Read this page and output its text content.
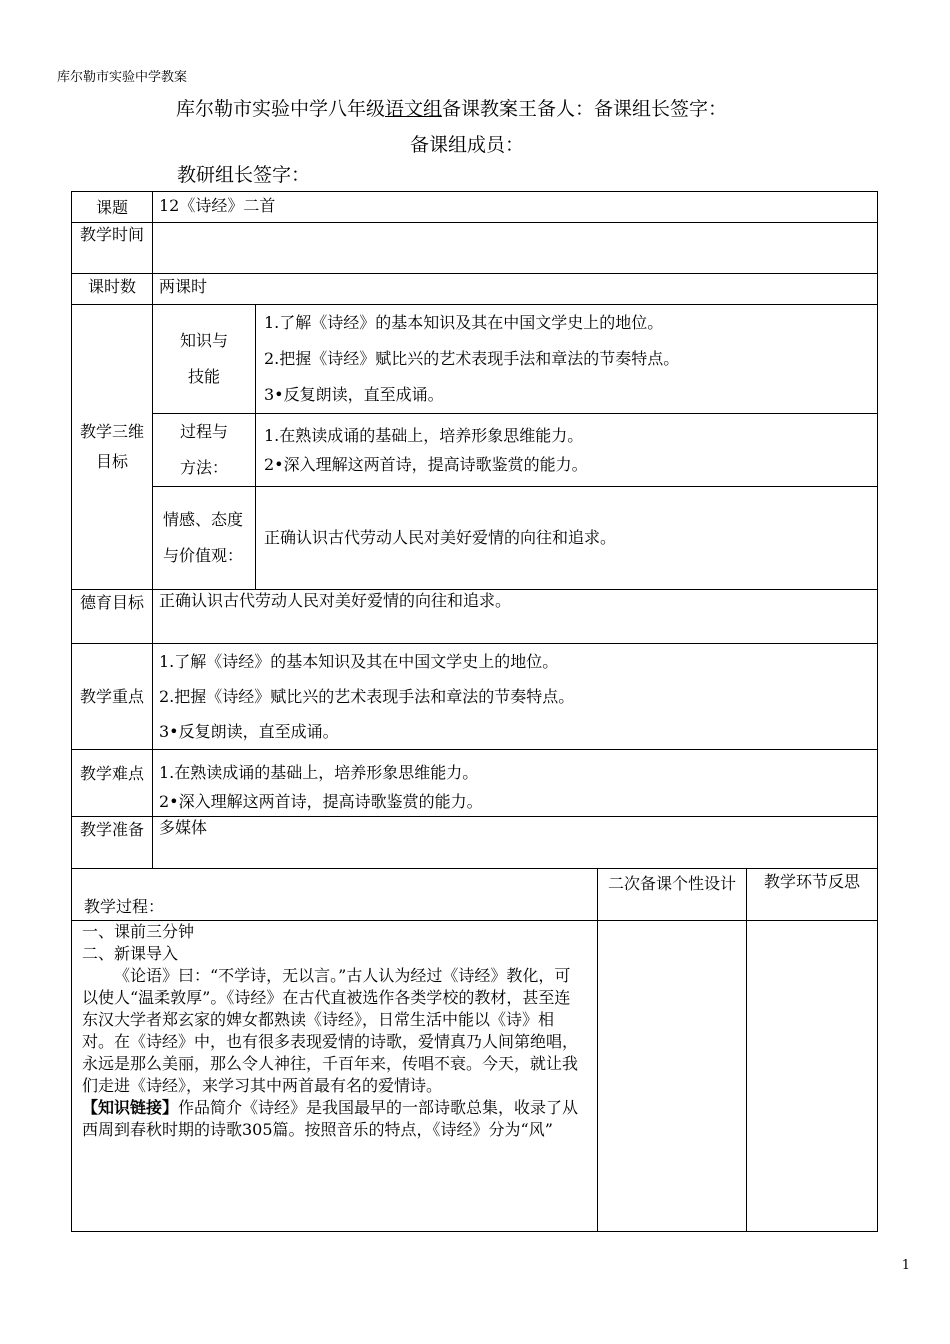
库尔勒市实验中学教案
库尔勒市实验中学八年级语文组备课教案王备人：备课组长签字：
备课组成员：
教研组长签字：
课题	12《诗经》二首			
教学时间				
课时数	两课时			
教学三维目标	知识与技能	1.了解《诗经》的基本知识及其在中国文学史上的地位。
2.把握《诗经》赋比兴的艺术表现手法和章法的节奏特点。
3•反复朗读，直至成诵。		

	过程与方法：	1.在熟读成诵的基础上，培养形象思维能力。
2•深入理解这两首诗，提高诗歌鉴赏的能力。		

	情感、态度与价值观：	正确认识古代劳动人民对美好爱情的向往和追求。		
德育目标	正确认识古代劳动人民对美好爱情的向往和追求。			
教学重点	1.了解《诗经》的基本知识及其在中国文学史上的地位。
2.把握《诗经》赋比兴的艺术表现手法和章法的节奏特点。
3•反复朗读，直至成诵。			

教学难点	1.在熟读成诵的基础上，培养形象思维能力。
2•深入理解这两首诗，提高诗歌鉴赏的能力。			

教学准备	多媒体			
教学过程：			二次备课个性设计	教学环节反思

一、课前三分钟

二、新课导入

《论语》曰：“不学诗，无以言。”古人认为经过《诗经》教化，可以使人“温柔敦厚”。《诗经》在古代直被选作各类学校的教材，甚至连东汉大学者郑玄家的婢女都熟读《诗经》，日常生活中能以《诗》相对。在《诗经》中，也有很多表现爱情的诗歌，爱情真乃人间第绝唱，永远是那么美丽，那么令人神往，千百年来，传唱不衰。今天，就让我们走进《诗经》，来学习其中两首最有名的爱情诗。

【知识链接】作品简介《诗经》是我国最早的一部诗歌总集，收录了从西周到春秋时期的诗歌305篇。按照音乐的特点，《诗经》分为“风”				

1
